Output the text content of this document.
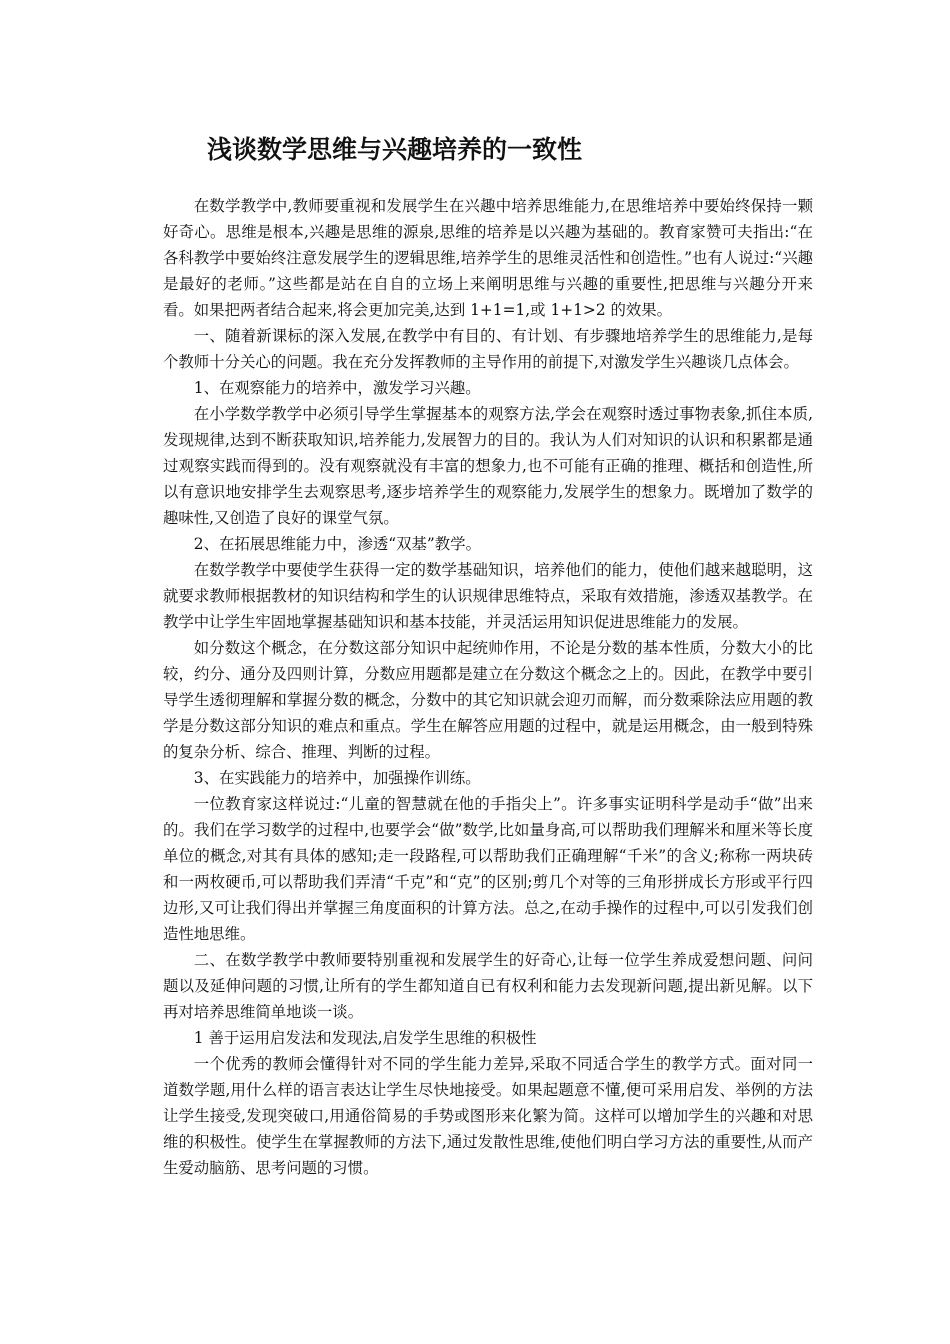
浅谈数学思维与兴趣培养的一致性

在数学教学中,教师要重视和发展学生在兴趣中培养思维能力,在思维培养中要始终保持一颗好奇心。思维是根本,兴趣是思维的源泉,思维的培养是以兴趣为基础的。教育家赞可夫指出:“在各科教学中要始终注意发展学生的逻辑思维,培养学生的思维灵活性和创造性。”也有人说过:“兴趣是最好的老师。”这些都是站在自自的立场上来阐明思维与兴趣的重要性,把思维与兴趣分开来看。如果把两者结合起来,将会更加完美,达到 1+1=1,或 1+1>2 的效果。

一、随着新课标的深入发展,在教学中有目的、有计划、有步骤地培养学生的思维能力,是每个教师十分关心的问题。我在充分发挥教师的主导作用的前提下,对激发学生兴趣谈几点体会。

1、在观察能力的培养中，激发学习兴趣。

在小学数学教学中必须引导学生掌握基本的观察方法,学会在观察时透过事物表象,抓住本质,发现规律,达到不断获取知识,培养能力,发展智力的目的。我认为人们对知识的认识和积累都是通过观察实践而得到的。没有观察就没有丰富的想象力,也不可能有正确的推理、概括和创造性,所以有意识地安排学生去观察思考,逐步培养学生的观察能力,发展学生的想象力。既增加了数学的趣味性,又创造了良好的课堂气氛。

2、在拓展思维能力中，渗透“双基”教学。

在数学教学中要使学生获得一定的数学基础知识，培养他们的能力，使他们越来越聪明，这就要求教师根据教材的知识结构和学生的认识规律思维特点，采取有效措施，渗透双基教学。在教学中让学生牢固地掌握基础知识和基本技能，并灵活运用知识促进思维能力的发展。

如分数这个概念，在分数这部分知识中起统帅作用，不论是分数的基本性质，分数大小的比较，约分、通分及四则计算，分数应用题都是建立在分数这个概念之上的。因此，在教学中要引导学生透彻理解和掌握分数的概念，分数中的其它知识就会迎刃而解，而分数乘除法应用题的教学是分数这部分知识的难点和重点。学生在解答应用题的过程中，就是运用概念，由一般到特殊的复杂分析、综合、推理、判断的过程。

3、在实践能力的培养中，加强操作训练。

一位教育家这样说过:“儿童的智慧就在他的手指尖上”。许多事实证明科学是动手“做”出来的。我们在学习数学的过程中,也要学会“做”数学,比如量身高,可以帮助我们理解米和厘米等长度单位的概念,对其有具体的感知;走一段路程,可以帮助我们正确理解“千米”的含义;称称一两块砖和一两枚硬币,可以帮助我们弄清“千克”和“克”的区别;剪几个对等的三角形拼成长方形或平行四边形,又可让我们得出并掌握三角度面积的计算方法。总之,在动手操作的过程中,可以引发我们创造性地思维。

二、在数学教学中教师要特别重视和发展学生的好奇心,让每一位学生养成爱想问题、问问题以及延伸问题的习惯,让所有的学生都知道自已有权利和能力去发现新问题,提出新见解。以下再对培养思维简单地谈一谈。

1 善于运用启发法和发现法,启发学生思维的积极性

一个优秀的教师会懂得针对不同的学生能力差异,采取不同适合学生的教学方式。面对同一道数学题,用什么样的语言表达让学生尽快地接受。如果起题意不懂,便可采用启发、举例的方法让学生接受,发现突破口,用通俗简易的手势或图形来化繁为简。这样可以增加学生的兴趣和对思维的积极性。使学生在掌握教师的方法下,通过发散性思维,使他们明白学习方法的重要性,从而产生爱动脑筋、思考问题的习惯。
